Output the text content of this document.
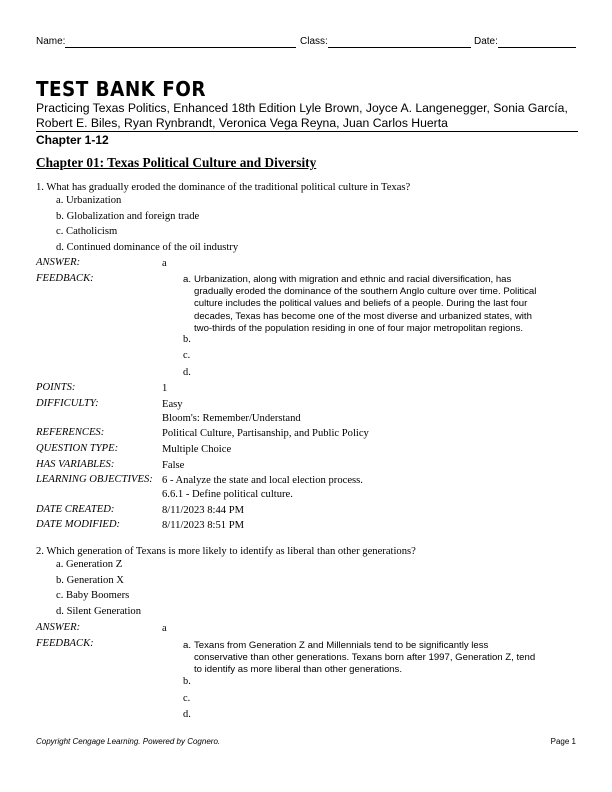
Name:	Class:	Date:
TEST BANK FOR
Practicing Texas Politics, Enhanced 18th Edition Lyle Brown, Joyce A. Langenegger, Sonia García, Robert E. Biles, Ryan Rynbrandt, Veronica Vega Reyna, Juan Carlos Huerta
Chapter 1-12
Chapter 01: Texas Political Culture and Diversity
1. What has gradually eroded the dominance of the traditional political culture in Texas?
a. Urbanization
b. Globalization and foreign trade
c. Catholicism
d. Continued dominance of the oil industry
ANSWER:	a
FEEDBACK:	a. Urbanization, along with migration and ethnic and racial diversification, has gradually eroded the dominance of the southern Anglo culture over time. Political culture includes the political values and beliefs of a people. During the last four decades, Texas has become one of the most diverse and urbanized states, with two-thirds of the population residing in one of four major metropolitan regions.
b.
c.
d.
POINTS:	1
DIFFICULTY:	Easy
Bloom's: Remember/Understand
REFERENCES:	Political Culture, Partisanship, and Public Policy
QUESTION TYPE:	Multiple Choice
HAS VARIABLES:	False
LEARNING OBJECTIVES: 6 - Analyze the state and local election process.
6.6.1 - Define political culture.
DATE CREATED:	8/11/2023 8:44 PM
DATE MODIFIED:	8/11/2023 8:51 PM
2. Which generation of Texans is more likely to identify as liberal than other generations?
a. Generation Z
b. Generation X
c. Baby Boomers
d. Silent Generation
ANSWER:	a
FEEDBACK:	a. Texans from Generation Z and Millennials tend to be significantly less conservative than other generations. Texans born after 1997, Generation Z, tend to identify as more liberal than other generations.
b.
c.
d.
Copyright Cengage Learning. Powered by Cognero.	Page 1
